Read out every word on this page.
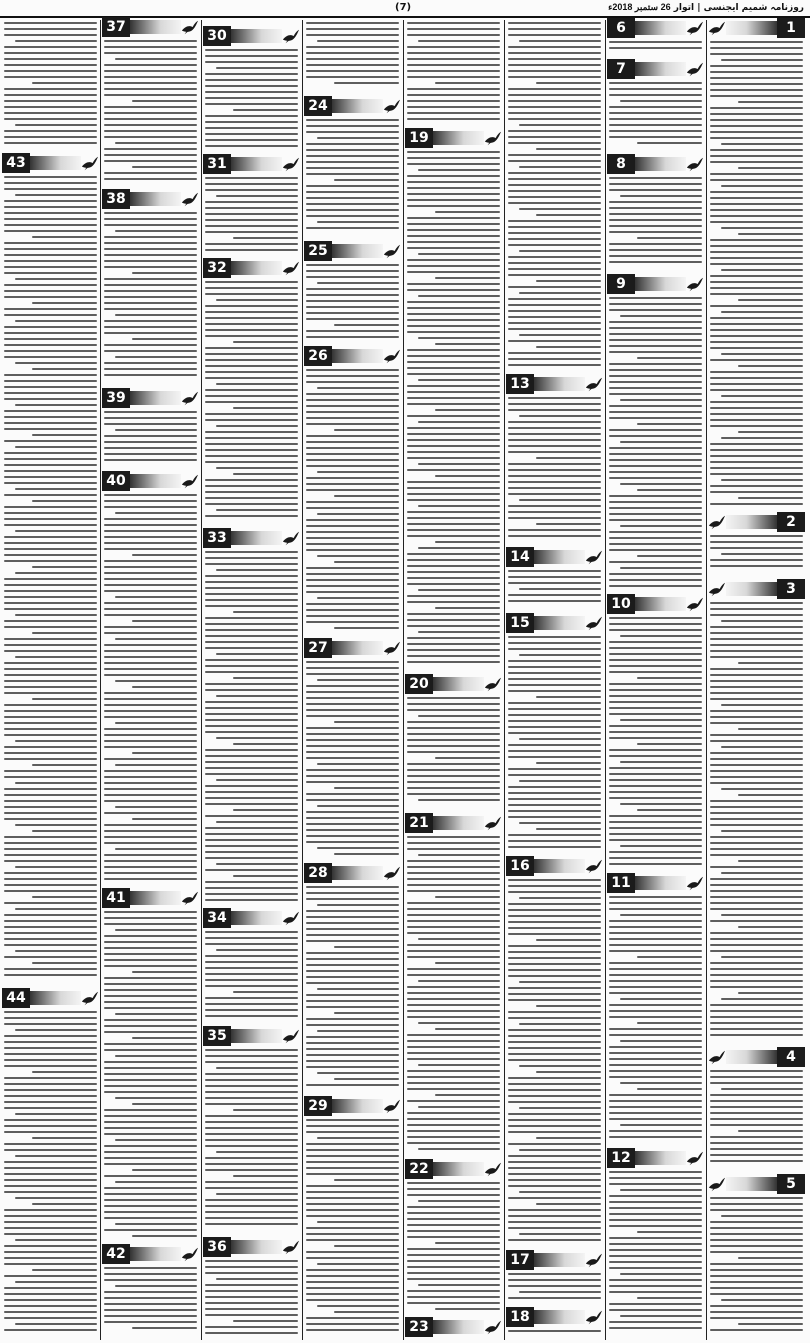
(7)	روزنامہ شمیم ایجنسی | اتوار 26 ستمبر 2018ء
1
2
3
4
5
6
7
8
9
10
11
12
13
14
15
16
17
18
19
20
21
22
23
24
25
26
27
28
29
30
31
32
33
34
35
36
37
38
39
40
41
42
43
44
